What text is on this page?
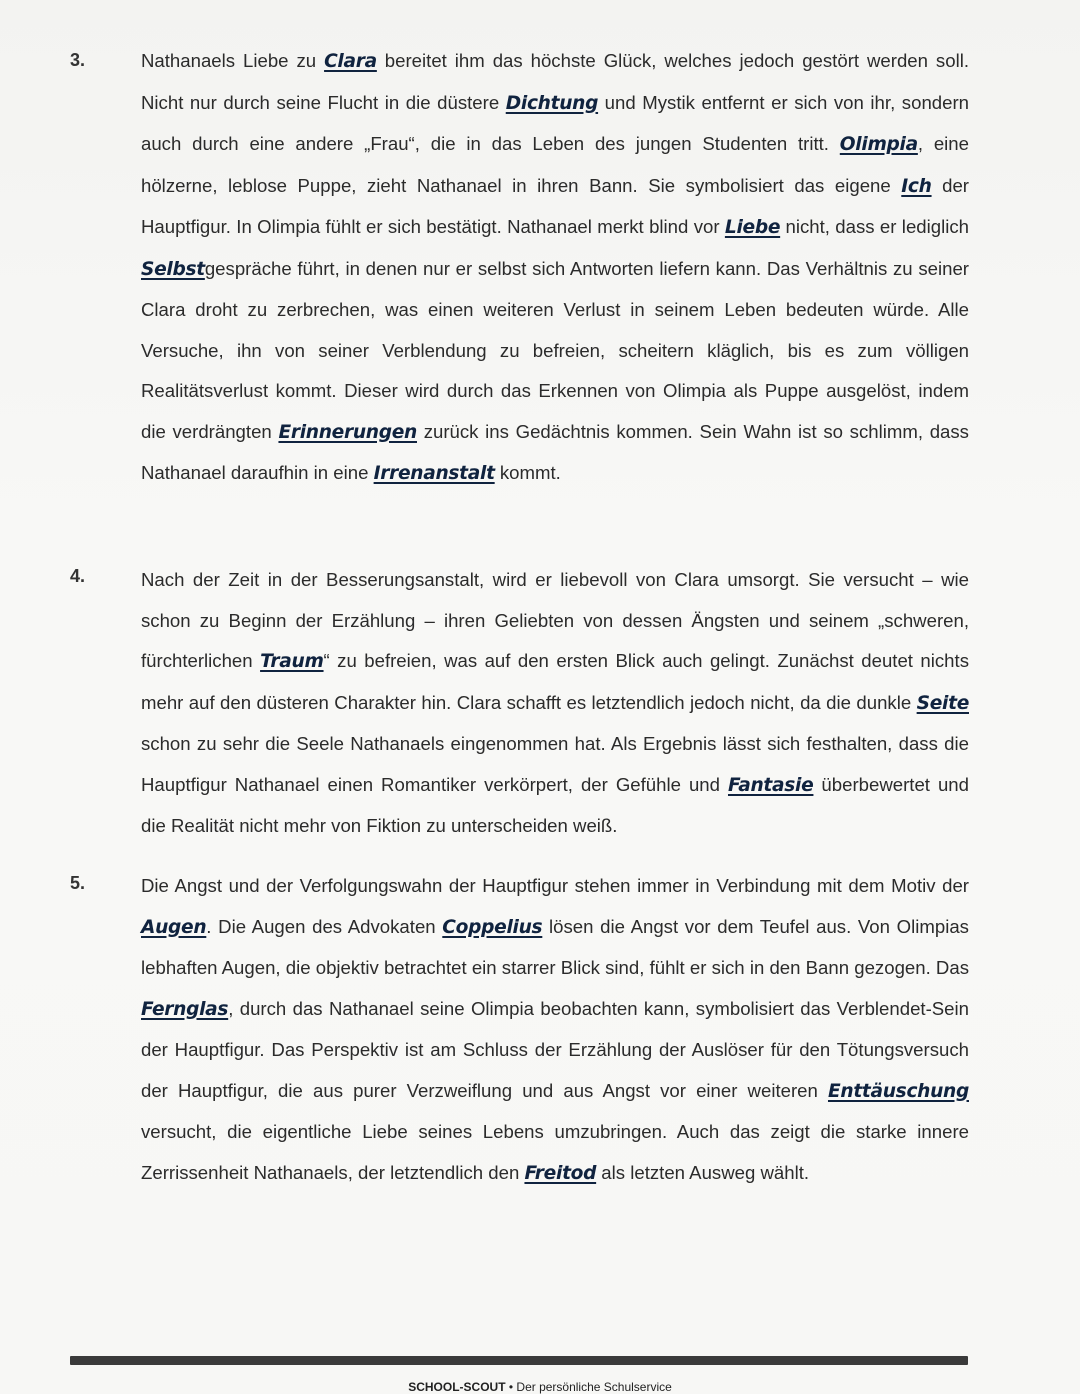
3.	Nathanaels Liebe zu Clara bereitet ihm das höchste Glück, welches jedoch gestört werden soll. Nicht nur durch seine Flucht in die düstere Dichtung und Mystik entfernt er sich von ihr, sondern auch durch eine andere „Frau“, die in das Leben des jungen Studenten tritt. Olimpia, eine hölzerne, leblose Puppe, zieht Nathanael in ihren Bann. Sie symbolisiert das eigene Ich der Hauptfigur. In Olimpia fühlt er sich bestätigt. Nathanael merkt blind vor Liebe nicht, dass er lediglich Selbstgespräche führt, in denen nur er selbst sich Antworten liefern kann. Das Verhältnis zu seiner Clara droht zu zerbrechen, was einen weiteren Verlust in seinem Leben bedeuten würde. Alle Versuche, ihn von seiner Verblendung zu befreien, scheitern kläglich, bis es zum völligen Realitätsverlust kommt. Dieser wird durch das Erkennen von Olimpia als Puppe ausgelöst, indem die verdrängten Erinnerungen zurück ins Gedächtnis kommen. Sein Wahn ist so schlimm, dass Nathanael daraufhin in eine Irrenanstalt kommt.

4.	Nach der Zeit in der Besserungsanstalt, wird er liebevoll von Clara umsorgt. Sie versucht – wie schon zu Beginn der Erzählung – ihren Geliebten von dessen Ängsten und seinem „schweren, fürchterlichen Traum“ zu befreien, was auf den ersten Blick auch gelingt. Zunächst deutet nichts mehr auf den düsteren Charakter hin. Clara schafft es letztendlich jedoch nicht, da die dunkle Seite schon zu sehr die Seele Nathanaels eingenommen hat. Als Ergebnis lässt sich festhalten, dass die Hauptfigur Nathanael einen Romantiker verkörpert, der Gefühle und Fantasie überbewertet und die Realität nicht mehr von Fiktion zu unterscheiden weiß.

5.	Die Angst und der Verfolgungswahn der Hauptfigur stehen immer in Verbindung mit dem Motiv der Augen. Die Augen des Advokaten Coppelius lösen die Angst vor dem Teufel aus. Von Olimpias lebhaften Augen, die objektiv betrachtet ein starrer Blick sind, fühlt er sich in den Bann gezogen. Das Fernglas, durch das Nathanael seine Olimpia beobachten kann, symbolisiert das Verblendet-Sein der Hauptfigur. Das Perspektiv ist am Schluss der Erzählung der Auslöser für den Tötungsversuch der Hauptfigur, die aus purer Verzweiflung und aus Angst vor einer weiteren Enttäuschung versucht, die eigentliche Liebe seines Lebens umzubringen. Auch das zeigt die starke innere Zerrissenheit Nathanaels, der letztendlich den Freitod als letzten Ausweg wählt.

SCHOOL-SCOUT • Der persönliche Schulservice
